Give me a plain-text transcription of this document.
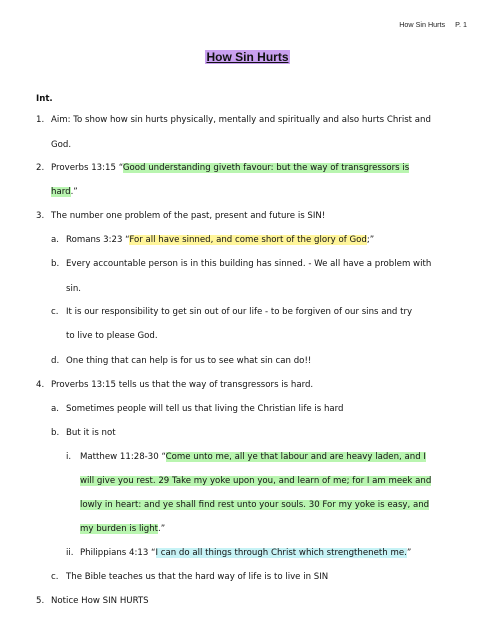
How Sin Hurts P. 1
How Sin Hurts
Int.
1. Aim: To show how sin hurts physically, mentally and spiritually and also hurts Christ and
God.
2. Proverbs 13:15 “Good understanding giveth favour: but the way of transgressors is
hard.”
3. The number one problem of the past, present and future is SIN!
a. Romans 3:23 “For all have sinned, and come short of the glory of God;”
b. Every accountable person is in this building has sinned. - We all have a problem with
sin.
c. It is our responsibility to get sin out of our life - to be forgiven of our sins and try
to live to please God.
d. One thing that can help is for us to see what sin can do!!
4. Proverbs 13:15 tells us that the way of transgressors is hard.
a. Sometimes people will tell us that living the Christian life is hard
b. But it is not
i. Matthew 11:28-30 “Come unto me, all ye that labour and are heavy laden, and I
will give you rest. 29 Take my yoke upon you, and learn of me; for I am meek and
lowly in heart: and ye shall find rest unto your souls. 30 For my yoke is easy, and
my burden is light.”
ii. Philippians 4:13 “I can do all things through Christ which strengtheneth me.”
c. The Bible teaches us that the hard way of life is to live in SIN
5. Notice How SIN HURTS
